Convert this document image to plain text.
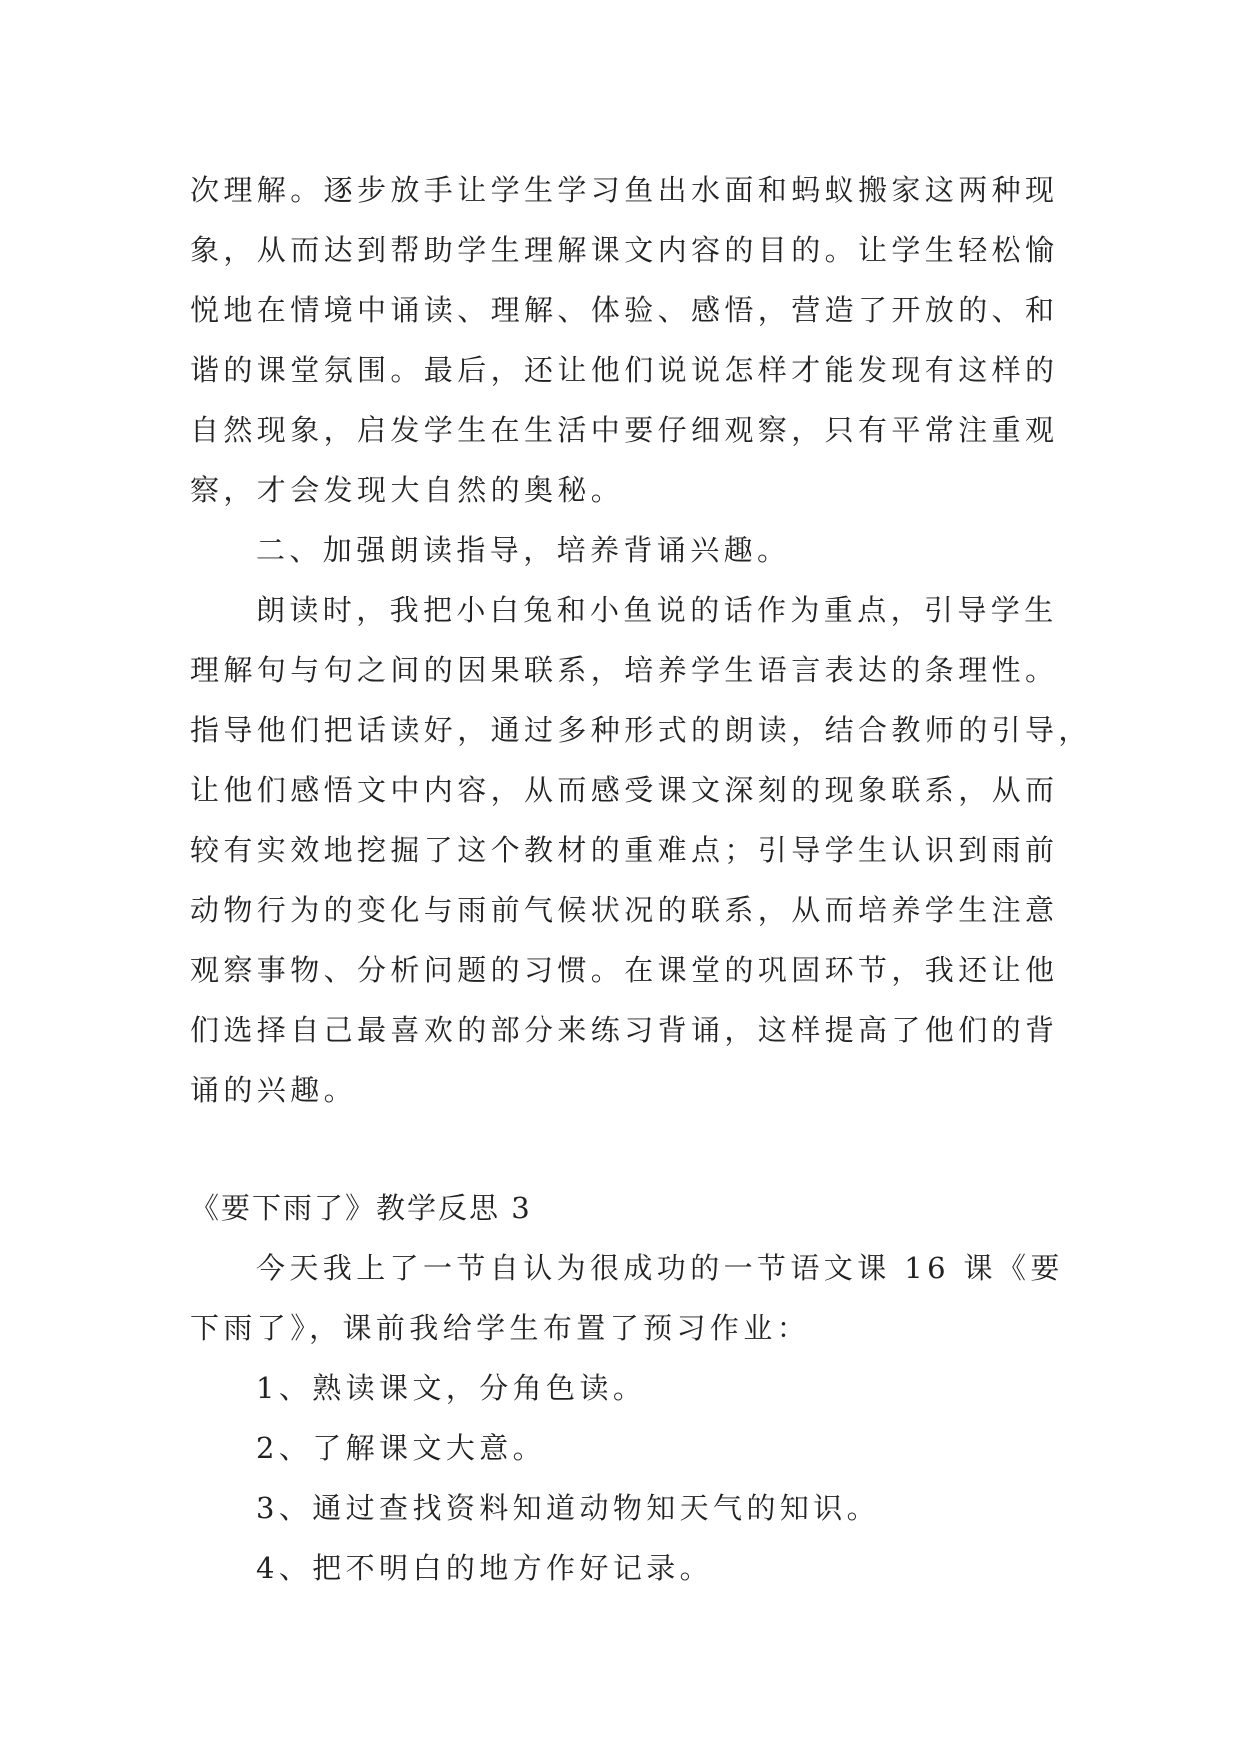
次理解。逐步放手让学生学习鱼出水面和蚂蚁搬家这两种现
象，从而达到帮助学生理解课文内容的目的。让学生轻松愉
悦地在情境中诵读、理解、体验、感悟，营造了开放的、和
谐的课堂氛围。最后，还让他们说说怎样才能发现有这样的
自然现象，启发学生在生活中要仔细观察，只有平常注重观
察，才会发现大自然的奥秘。
二、加强朗读指导，培养背诵兴趣。
朗读时，我把小白兔和小鱼说的话作为重点，引导学生
理解句与句之间的因果联系，培养学生语言表达的条理性。
指导他们把话读好，通过多种形式的朗读，结合教师的引导，
让他们感悟文中内容，从而感受课文深刻的现象联系，从而
较有实效地挖掘了这个教材的重难点；引导学生认识到雨前
动物行为的变化与雨前气候状况的联系，从而培养学生注意
观察事物、分析问题的习惯。在课堂的巩固环节，我还让他
们选择自己最喜欢的部分来练习背诵，这样提高了他们的背
诵的兴趣。
《要下雨了》教学反思 3
今天我上了一节自认为很成功的一节语文课 16 课《要
下雨了》，课前我给学生布置了预习作业：
1、熟读课文，分角色读。
2、了解课文大意。
3、通过查找资料知道动物知天气的知识。
4、把不明白的地方作好记录。
